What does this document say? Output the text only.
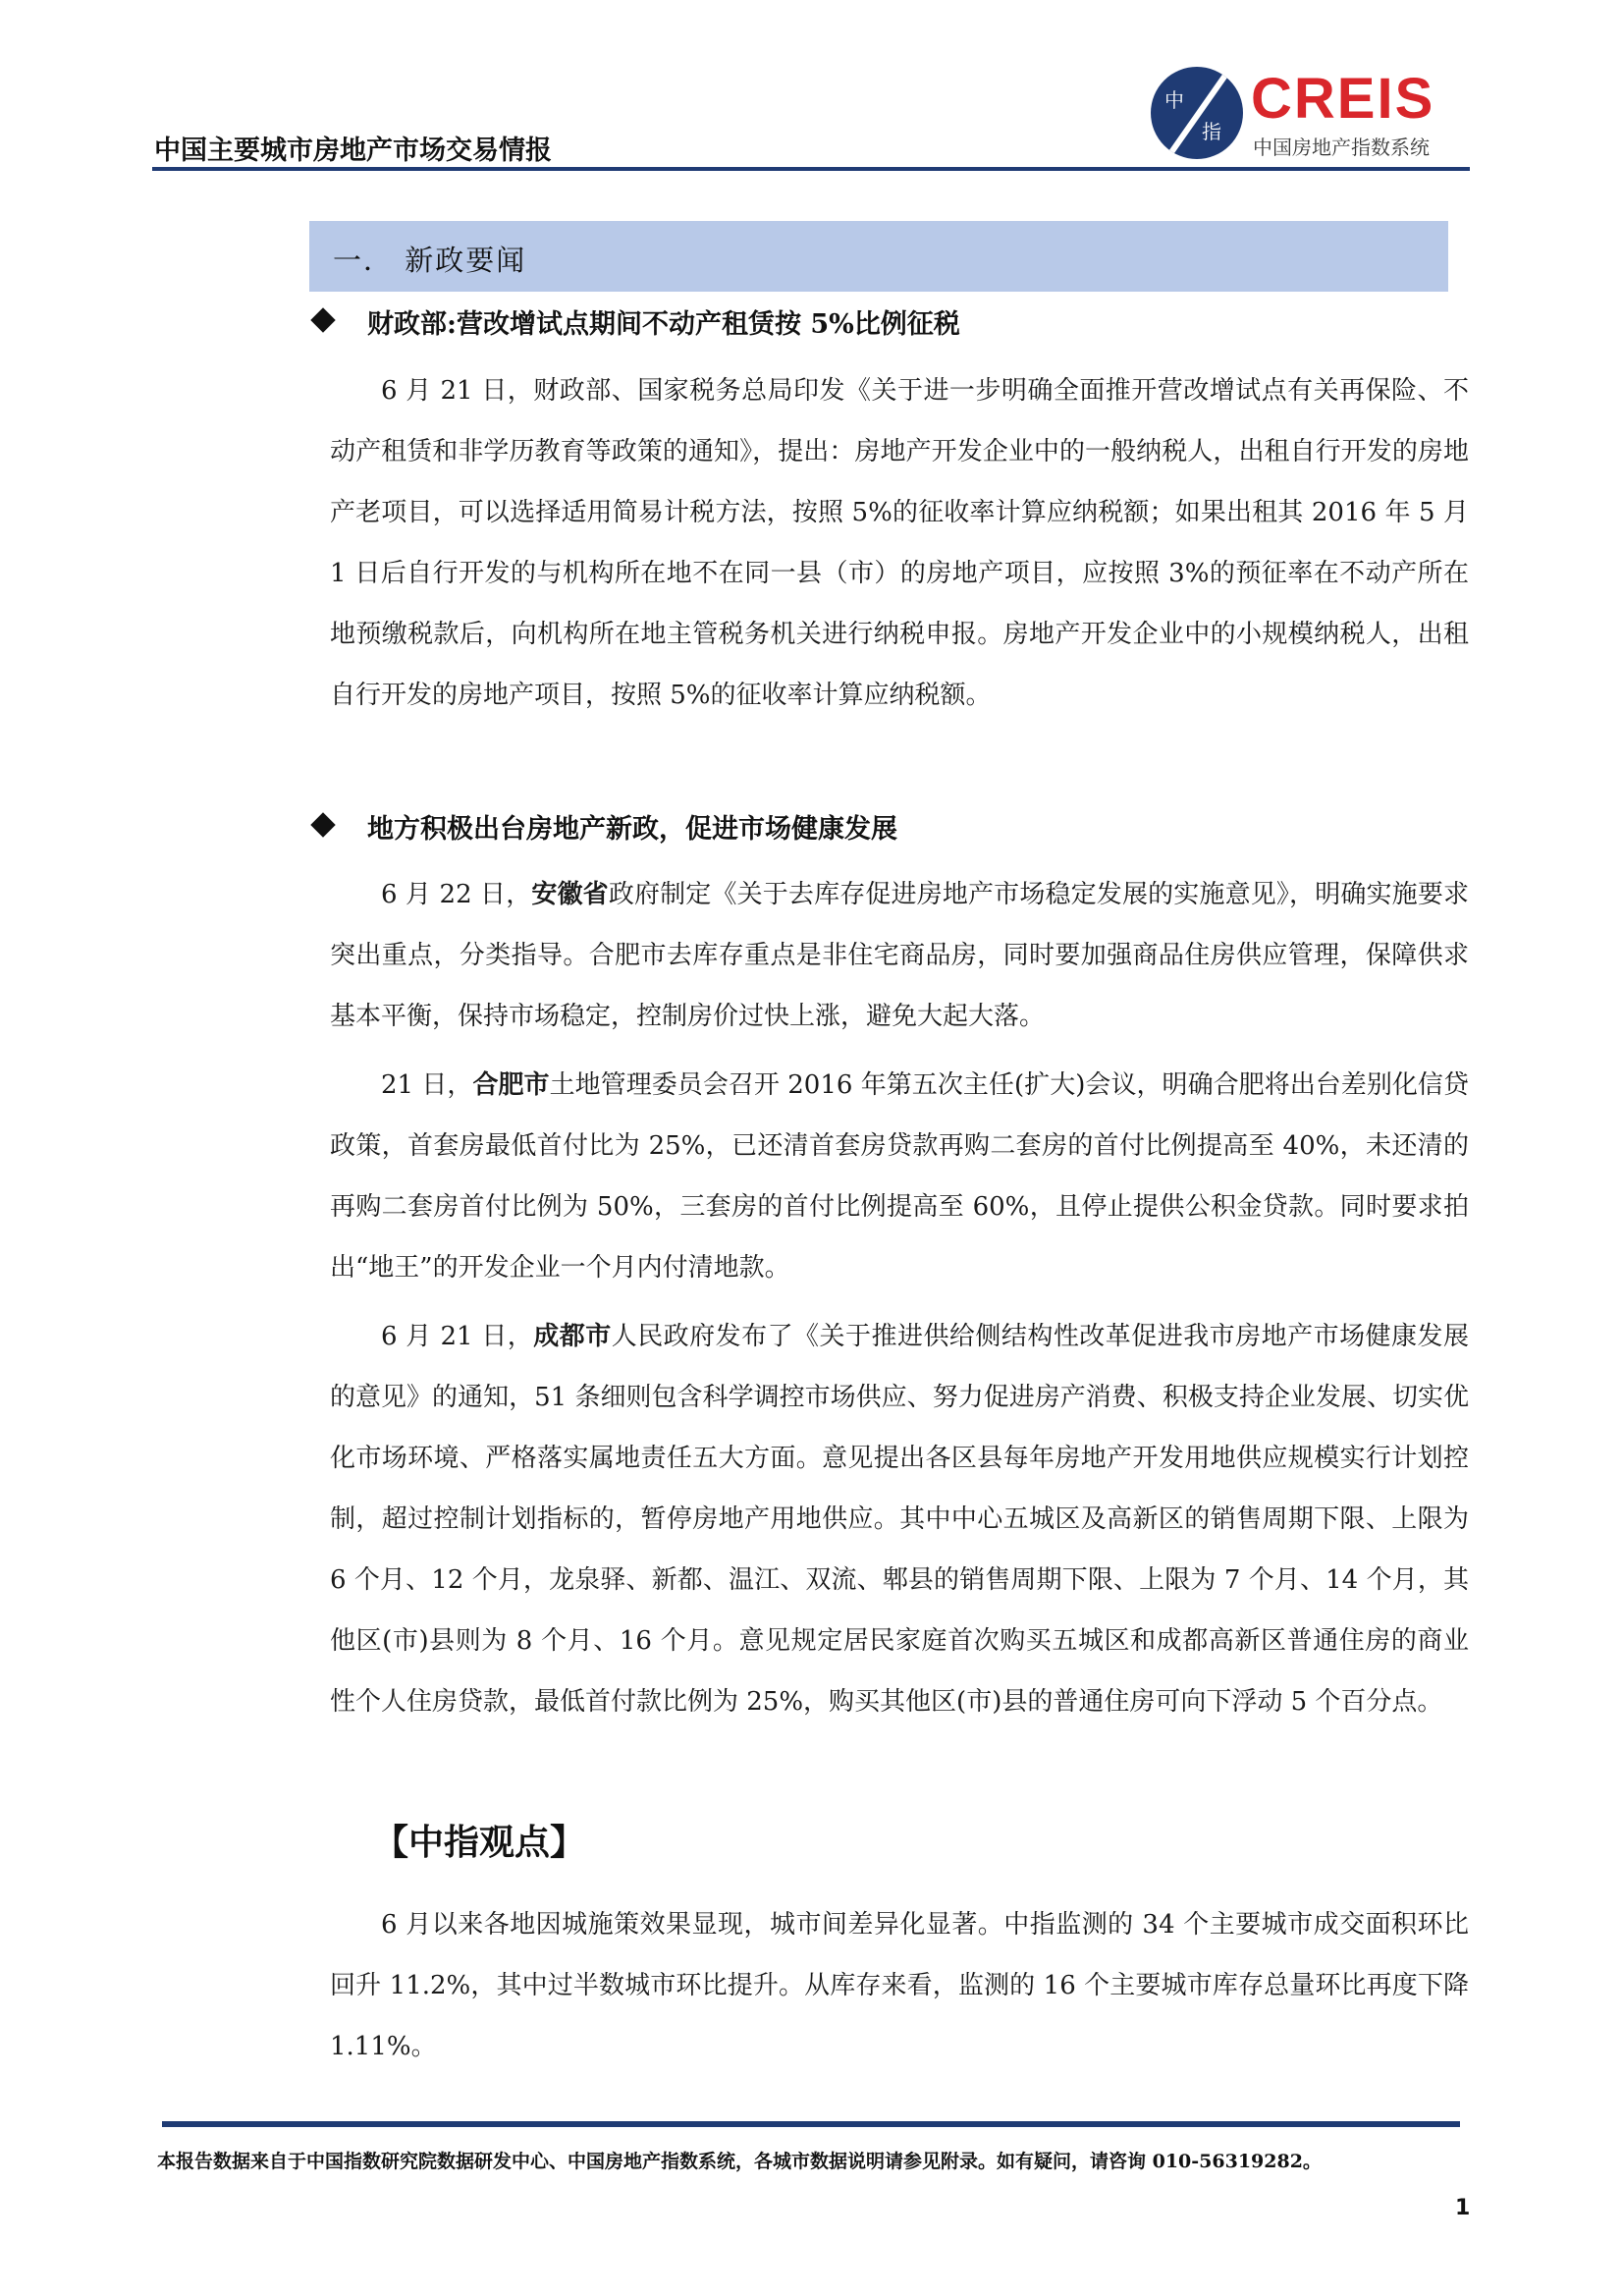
中国主要城市房地产市场交易情报
中
指
CREIS
中国房地产指数系统
一． 新政要闻
财政部:营改增试点期间不动产租赁按 5%比例征税

6 月 21 日，财政部、国家税务总局印发《关于进一步明确全面推开营改增试点有关再保险、不动产租赁和非学历教育等政策的通知》，提出：房地产开发企业中的一般纳税人，出租自行开发的房地产老项目，可以选择适用简易计税方法，按照 5%的征收率计算应纳税额；如果出租其 2016 年 5 月 1 日后自行开发的与机构所在地不在同一县（市）的房地产项目，应按照 3%的预征率在不动产所在地预缴税款后，向机构所在地主管税务机关进行纳税申报。房地产开发企业中的小规模纳税人，出租自行开发的房地产项目，按照 5%的征收率计算应纳税额。

地方积极出台房地产新政，促进市场健康发展

6 月 22 日，安徽省政府制定《关于去库存促进房地产市场稳定发展的实施意见》，明确实施要求突出重点，分类指导。合肥市去库存重点是非住宅商品房，同时要加强商品住房供应管理，保障供求基本平衡，保持市场稳定，控制房价过快上涨，避免大起大落。

21 日，合肥市土地管理委员会召开 2016 年第五次主任(扩大)会议，明确合肥将出台差别化信贷政策，首套房最低首付比为 25%，已还清首套房贷款再购二套房的首付比例提高至 40%，未还清的再购二套房首付比例为 50%，三套房的首付比例提高至 60%，且停止提供公积金贷款。同时要求拍出“地王”的开发企业一个月内付清地款。

6 月 21 日，成都市人民政府发布了《关于推进供给侧结构性改革促进我市房地产市场健康发展的意见》的通知，51 条细则包含科学调控市场供应、努力促进房产消费、积极支持企业发展、切实优化市场环境、严格落实属地责任五大方面。意见提出各区县每年房地产开发用地供应规模实行计划控制，超过控制计划指标的，暂停房地产用地供应。其中中心五城区及高新区的销售周期下限、上限为 6 个月、12 个月，龙泉驿、新都、温江、双流、郫县的销售周期下限、上限为 7 个月、14 个月，其他区(市)县则为 8 个月、16 个月。意见规定居民家庭首次购买五城区和成都高新区普通住房的商业性个人住房贷款，最低首付款比例为 25%，购买其他区(市)县的普通住房可向下浮动 5 个百分点。

【中指观点】

6 月以来各地因城施策效果显现，城市间差异化显著。中指监测的 34 个主要城市成交面积环比回升 11.2%，其中过半数城市环比提升。从库存来看，监测的 16 个主要城市库存总量环比再度下降 1.11%。

本报告数据来自于中国指数研究院数据研发中心、中国房地产指数系统，各城市数据说明请参见附录。如有疑问，请咨询 010-56319282。
1
